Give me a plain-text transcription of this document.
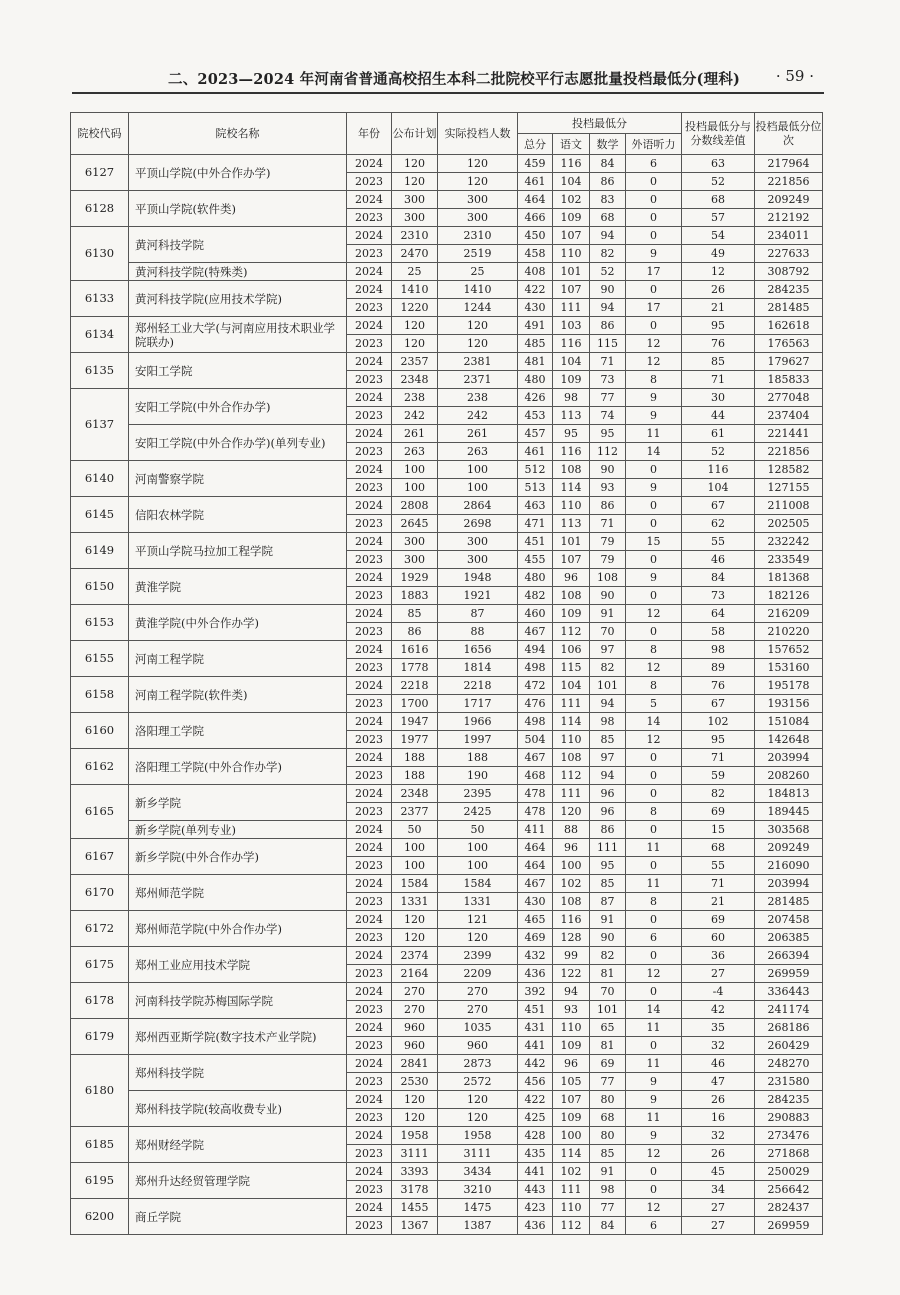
二、2023—2024 年河南省普通高校招生本科二批院校平行志愿批量投档最低分(理科) · 59 ·
院校代码	院校名称	年份	公布计划	实际投档人数	投档最低分				投档最低分与分数线差值	投档最低分位次
					总分	语文	数学	外语听力		
6127	平顶山学院(中外合作办学)	2024	120	120	459	116	84	6	63	217964
		2023	120	120	461	104	86	0	52	221856
6128	平顶山学院(软件类)	2024	300	300	464	102	83	0	68	209249
		2023	300	300	466	109	68	0	57	212192
6130	黄河科技学院	2024	2310	2310	450	107	94	0	54	234011
		2023	2470	2519	458	110	82	9	49	227633
	黄河科技学院(特殊类)	2024	25	25	408	101	52	17	12	308792
6133	黄河科技学院(应用技术学院)	2024	1410	1410	422	107	90	0	26	284235
		2023	1220	1244	430	111	94	17	21	281485
6134	郑州轻工业大学(与河南应用技术职业学院联办)	2024	120	120	491	103	86	0	95	162618
		2023	120	120	485	116	115	12	76	176563
6135	安阳工学院	2024	2357	2381	481	104	71	12	85	179627
		2023	2348	2371	480	109	73	8	71	185833
6137	安阳工学院(中外合作办学)	2024	238	238	426	98	77	9	30	277048
		2023	242	242	453	113	74	9	44	237404
	安阳工学院(中外合作办学)(单列专业)	2024	261	261	457	95	95	11	61	221441
		2023	263	263	461	116	112	14	52	221856
6140	河南警察学院	2024	100	100	512	108	90	0	116	128582
		2023	100	100	513	114	93	9	104	127155
6145	信阳农林学院	2024	2808	2864	463	110	86	0	67	211008
		2023	2645	2698	471	113	71	0	62	202505
6149	平顶山学院马拉加工程学院	2024	300	300	451	101	79	15	55	232242
		2023	300	300	455	107	79	0	46	233549
6150	黄淮学院	2024	1929	1948	480	96	108	9	84	181368
		2023	1883	1921	482	108	90	0	73	182126
6153	黄淮学院(中外合作办学)	2024	85	87	460	109	91	12	64	216209
		2023	86	88	467	112	70	0	58	210220
6155	河南工程学院	2024	1616	1656	494	106	97	8	98	157652
		2023	1778	1814	498	115	82	12	89	153160
6158	河南工程学院(软件类)	2024	2218	2218	472	104	101	8	76	195178
		2023	1700	1717	476	111	94	5	67	193156
6160	洛阳理工学院	2024	1947	1966	498	114	98	14	102	151084
		2023	1977	1997	504	110	85	12	95	142648
6162	洛阳理工学院(中外合作办学)	2024	188	188	467	108	97	0	71	203994
		2023	188	190	468	112	94	0	59	208260
6165	新乡学院	2024	2348	2395	478	111	96	0	82	184813
		2023	2377	2425	478	120	96	8	69	189445
	新乡学院(单列专业)	2024	50	50	411	88	86	0	15	303568
6167	新乡学院(中外合作办学)	2024	100	100	464	96	111	11	68	209249
		2023	100	100	464	100	95	0	55	216090
6170	郑州师范学院	2024	1584	1584	467	102	85	11	71	203994
		2023	1331	1331	430	108	87	8	21	281485
6172	郑州师范学院(中外合作办学)	2024	120	121	465	116	91	0	69	207458
		2023	120	120	469	128	90	6	60	206385
6175	郑州工业应用技术学院	2024	2374	2399	432	99	82	0	36	266394
		2023	2164	2209	436	122	81	12	27	269959
6178	河南科技学院苏梅国际学院	2024	270	270	392	94	70	0	-4	336443
		2023	270	270	451	93	101	14	42	241174
6179	郑州西亚斯学院(数字技术产业学院)	2024	960	1035	431	110	65	11	35	268186
		2023	960	960	441	109	81	0	32	260429
6180	郑州科技学院	2024	2841	2873	442	96	69	11	46	248270
		2023	2530	2572	456	105	77	9	47	231580
	郑州科技学院(较高收费专业)	2024	120	120	422	107	80	9	26	284235
		2023	120	120	425	109	68	11	16	290883
6185	郑州财经学院	2024	1958	1958	428	100	80	9	32	273476
		2023	3111	3111	435	114	85	12	26	271868
6195	郑州升达经贸管理学院	2024	3393	3434	441	102	91	0	45	250029
		2023	3178	3210	443	111	98	0	34	256642
6200	商丘学院	2024	1455	1475	423	110	77	12	27	282437
		2023	1367	1387	436	112	84	6	27	269959
